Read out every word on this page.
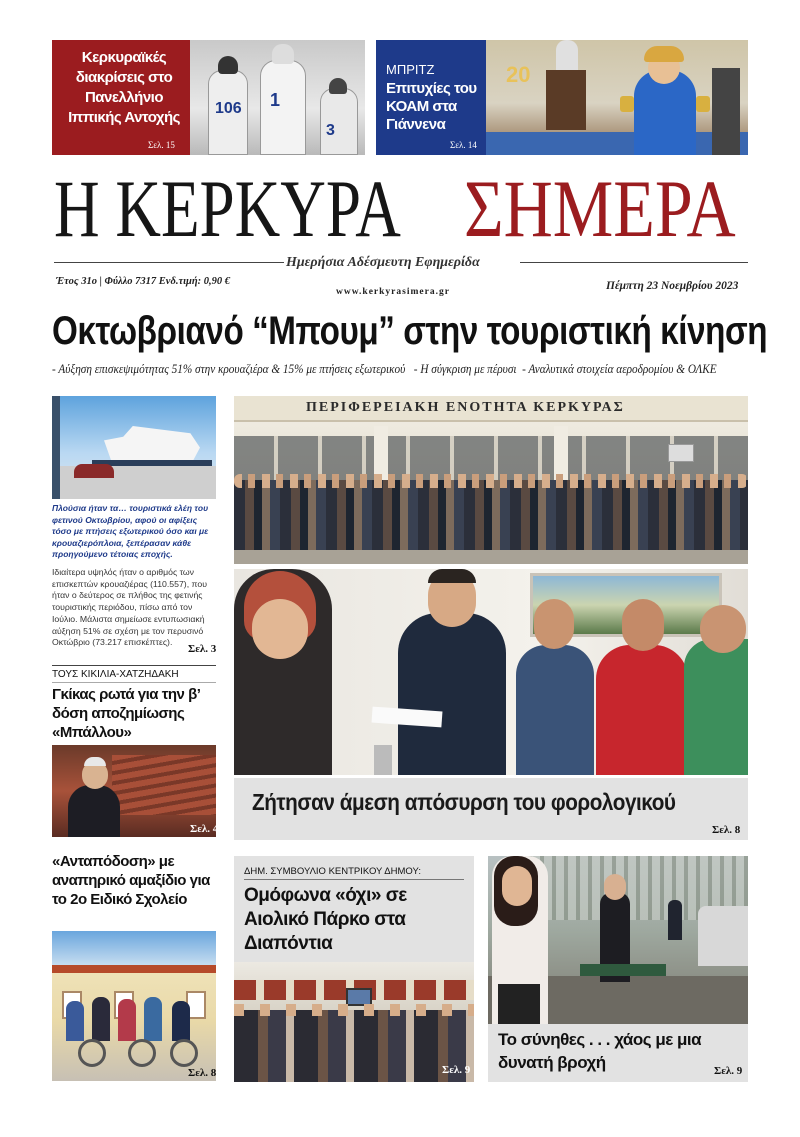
Κερκυραϊκές διακρίσεις στο Πανελλήνιο Ιππικής Αντοχής
Σελ. 15
106 1
3
ΜΠΡΙΤΖ
Επιτυχίες του ΚΟΑΜ στα Γιάννενα
Σελ. 14
20
Η ΚΕΡΚΥΡΑ ΣΗΜΕΡΑ
Ημερήσια Αδέσμευτη Εφημερίδα
Έτος 31ο | Φύλλο 7317 Ενδ.τιμή: 0,90 €
www.kerkyrasimera.gr	Πέμπτη 23 Νοεμβρίου 2023
Οκτωβριανό “Μπουμ” στην τουριστική κίνηση
- Αύξηση επισκεψιμότητας 51% στην κρουαζιέρα & 15% με πτήσεις εξωτερικού   - Η σύγκριση με πέρυσι  - Αναλυτικά στοιχεία αεροδρομίου & ΟΛΚΕ
Πλούσια ήταν τα… τουριστικά ελέη του φετινού Οκτωβρίου, αφού οι αφίξεις τόσο με πτήσεις εξωτερικού όσο και με κρουαζιερόπλοια, ξεπέρασαν κάθε προηγούμενο τέτοιας εποχής.
Ιδιαίτερα υψηλός ήταν ο αριθμός των επισκεπτών κρουαζιέρας (110.557), που ήταν ο δεύτερος σε πλήθος της φετινής τουριστικής περιόδου, πίσω από τον Ιούλιο. Μάλιστα σημείωσε εντυπωσιακή αύξηση 51% σε σχέση με τον περυσινό Οκτώβριο (73.217 επισκέπτες).
Σελ. 3
ΤΟΥΣ ΚΙΚΙΛΙΑ-ΧΑΤΖΗΔΑΚΗ
Γκίκας ρωτά για την β’ δόση αποζημίωσης «Μπάλλου»
Σελ. 4
«Ανταπόδοση» με αναπηρικό αμαξίδιο για το 2ο Ειδικό Σχολείο
Σελ. 8
ΠΕΡΙΦΕΡΕΙΑΚΗ ΕΝΟΤΗΤΑ ΚΕΡΚΥΡΑΣ
Ζήτησαν άμεση απόσυρση του φορολογικού
Σελ. 8
ΔΗΜ. ΣΥΜΒΟΥΛΙΟ ΚΕΝΤΡΙΚΟΥ ΔΗΜΟΥ:
Ομόφωνα «όχι» σε Αιολικό Πάρκο στα Διαπόντια
Σελ. 9
Το σύνηθες . . . χάος με μια δυνατή βροχή	Σελ. 9
